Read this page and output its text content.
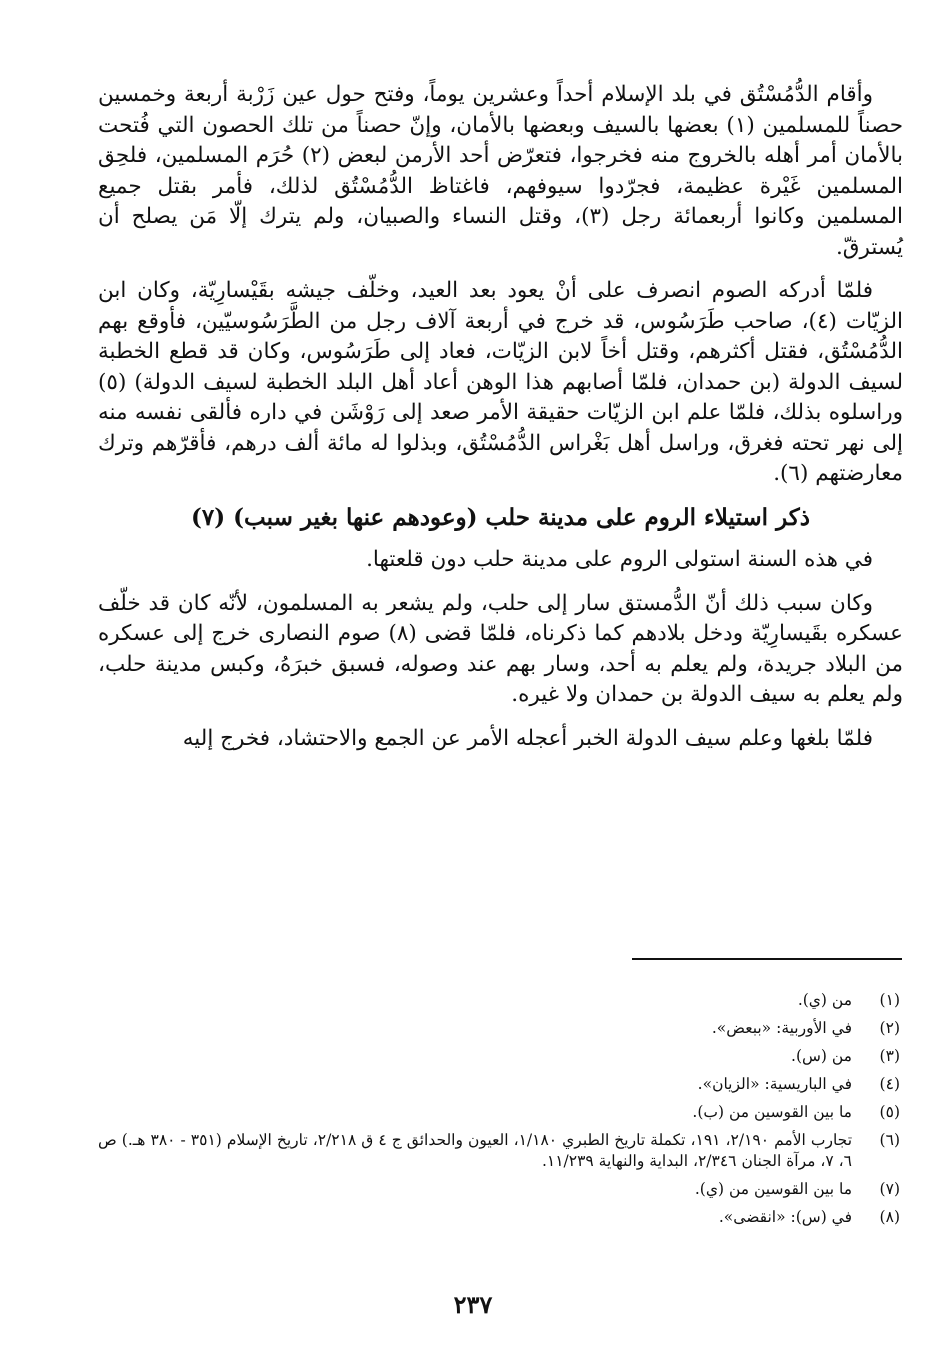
وأقام الدُّمُسْتُق في بلد الإسلام أحداً وعشرين يوماً، وفتح حول عين زَرْبة أربعة وخمسين حصناً للمسلمين (١) بعضها بالسيف وبعضها بالأمان، وإنّ حصناً من تلك الحصون التي فُتحت بالأمان أمر أهله بالخروج منه فخرجوا، فتعرّض أحد الأرمن لبعض (٢) حُرَم المسلمين، فلحِق المسلمين غَيْرة عظيمة، فجرّدوا سيوفهم، فاغتاظ الدُّمُسْتُق لذلك، فأمر بقتل جميع المسلمين وكانوا أربعمائة رجل (٣)، وقتل النساء والصبيان، ولم يترك إلّا مَن يصلح أن يُسترقّ.

فلمّا أدركه الصوم انصرف على أنْ يعود بعد العيد، وخلّف جيشه بقَيْسارِيّة، وكان ابن الزيّات (٤)، صاحب طَرَسُوس، قد خرج في أربعة آلاف رجل من الطَّرَسُوسيّين، فأوقع بهم الدُّمُسْتُق، فقتل أكثرهم، وقتل أخاً لابن الزيّات، فعاد إلى طَرَسُوس، وكان قد قطع الخطبة لسيف الدولة (بن حمدان، فلمّا أصابهم هذا الوهن أعاد أهل البلد الخطبة لسيف الدولة) (٥) وراسلوه بذلك، فلمّا علم ابن الزيّات حقيقة الأمر صعد إلى رَوْشَن في داره فألقى نفسه منه إلى نهر تحته فغرق، وراسل أهل بَغْراس الدُّمُسْتُق، وبذلوا له مائة ألف درهم، فأقرّهم وترك معارضتهم (٦).

ذكر استيلاء الروم على مدينة حلب (وعودهم عنها بغير سبب) (٧)

في هذه السنة استولى الروم على مدينة حلب دون قلعتها.

وكان سبب ذلك أنّ الدُّمستق سار إلى حلب، ولم يشعر به المسلمون، لأنّه كان قد خلّف عسكره بقَيسارِيّة ودخل بلادهم كما ذكرناه، فلمّا قضى (٨) صوم النصارى خرج إلى عسكره من البلاد جريدة، ولم يعلم به أحد، وسار بهم عند وصوله، فسبق خبرَهُ، وكبس مدينة حلب، ولم يعلم به سيف الدولة بن حمدان ولا غيره.

فلمّا بلغها وعلم سيف الدولة الخبر أعجله الأمر عن الجمع والاحتشاد، فخرج إليه

(١)
من (ي).
(٢)
في الأوربية: «ببعض».
(٣)
من (س).
(٤)
في الباريسية: «الزيان».
(٥)
ما بين القوسين من (ب).
(٦)
تجارب الأمم ٢/١٩٠، ١٩١، تكملة تاريخ الطبري ١/١٨٠، العيون والحدائق ج ٤ ق ٢/٢١٨، تاريخ الإسلام (٣٥١ - ٣٨٠ هـ.) ص ٦، ٧، مرآة الجنان ٢/٣٤٦، البداية والنهاية ١١/٢٣٩.
(٧)
ما بين القوسين من (ي).
(٨)
في (س): «انقضى».
٢٣٧
